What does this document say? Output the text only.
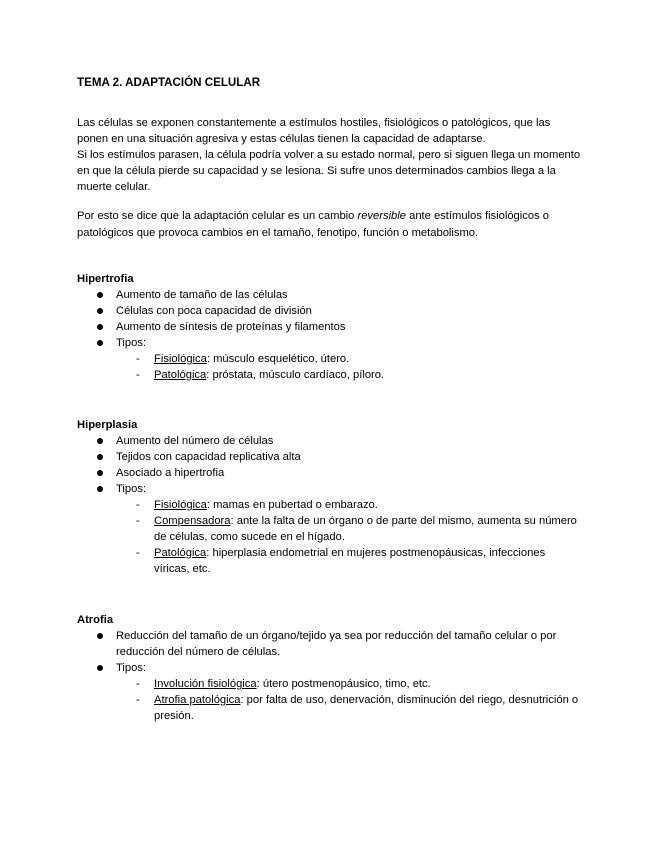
TEMA 2. ADAPTACIÓN CELULAR

Las células se exponen constantemente a estímulos hostiles, fisiológicos o patológicos, que las ponen en una situación agresiva y estas células tienen la capacidad de adaptarse.

Si los estímulos parasen, la célula podría volver a su estado normal, pero si siguen llega un momento en que la célula pierde su capacidad y se lesiona. Si sufre unos determinados cambios llega a la muerte celular.

Por esto se dice que la adaptación celular es un cambio reversible ante estímulos fisiológicos o patológicos que provoca cambios en el tamaño, fenotipo, función o metabolismo.

Hipertrofia
Aumento de tamaño de las células
Células con poca capacidad de división
Aumento de síntesis de proteínas y filamentos
Tipos:
- Fisiológica: músculo esquelético, útero.
- Patológica: próstata, músculo cardíaco, píloro.
Hiperplasia
Aumento del número de células
Tejidos con capacidad replicativa alta
Asociado a hipertrofia
Tipos:
- Fisiológica: mamas en pubertad o embarazo.
- Compensadora: ante la falta de un órgano o de parte del mismo, aumenta su número de células, como sucede en el hígado.
- Patológica: hiperplasia endometrial en mujeres postmenopáusicas, infecciones víricas, etc.
Atrofia
Reducción del tamaño de un órgano/tejido ya sea por reducción del tamaño celular o por reducción del número de células.
Tipos:
- Involución fisiológica: útero postmenopáusico, timo, etc.
- Atrofia patológica: por falta de uso, denervación, disminución del riego, desnutrición o presión.
